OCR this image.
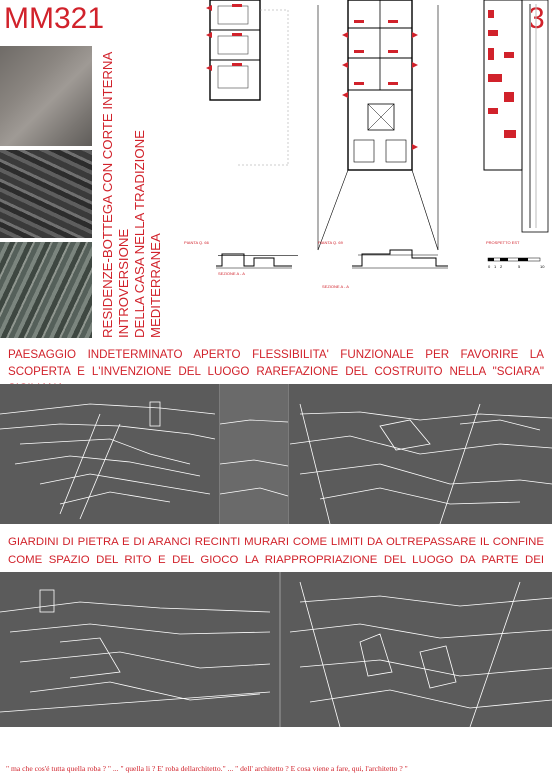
MM321	3
RESIDENZE-BOTTEGA CON CORTE INTERNA INTROVERSIONE DELLA CASA NELLA TRADIZIONE MEDITERRANEA	PIANTA Q. 66
SEZIONE A - A
PIANTA Q. 69
SEZIONE A - A
PROSPETTO EST
0 1 2	5	10
PAESAGGIO INDETERMINATO APERTO FLESSIBILITA' FUNZIONALE PER FAVORIRE LA SCOPERTA E L'INVENZIONE DEL LUOGO RAREFAZIONE DEL COSTRUITO NELLA "SCIARA"
GIARDINI DI PIETRA E DI ARANCI RECINTI MURARI COME LIMITI DA OLTREPASSARE IL CONFINE COME SPAZIO DEL RITO E DEL GIOCO LA RIAPPROPRIAZIONE DEL LUOGO DA PARTE DEI
" ma che cos'é tutta quella roba ? " ... " quella li ? E' roba dellarchitetto." ... " dell' architetto ? E cosa viene a fare, qui, l'architetto ? "
